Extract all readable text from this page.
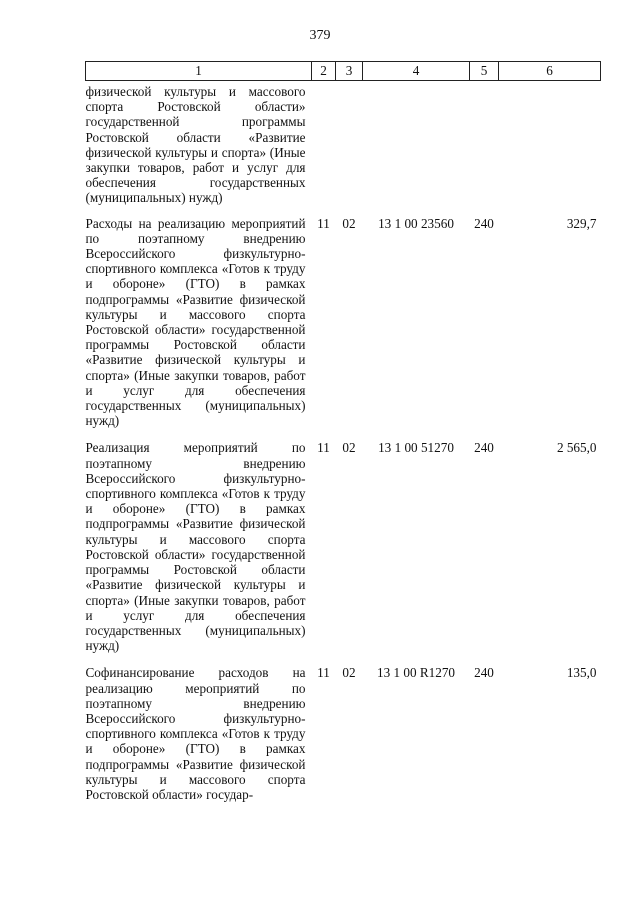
379
1	2	3	4	5	6
физической культуры и массового спорта Ростовской области» государственной программы Ростовской области «Развитие физической культуры и спорта» (Иные закупки товаров, работ и услуг для обеспечения государственных (муниципальных) нужд)					
Расходы на реализацию мероприятий по поэтапному внедрению Всероссийского физкультурно-спортивного комплекса «Готов к труду и обороне» (ГТО) в рамках подпрограммы «Развитие физической культуры и массового спорта Ростовской области» государственной программы Ростовской области «Развитие физической культуры и спорта» (Иные закупки товаров, работ и услуг для обеспечения государственных (муниципальных) нужд)	11	02	13 1 00 23560	240	329,7
Реализация мероприятий по поэтапному внедрению Всероссийского физкультурно-спортивного комплекса «Готов к труду и обороне» (ГТО) в рамках подпрограммы «Развитие физической культуры и массового спорта Ростовской области» государственной программы Ростовской области «Развитие физической культуры и спорта» (Иные закупки товаров, работ и услуг для обеспечения государственных (муниципальных) нужд)	11	02	13 1 00 51270	240	2 565,0
Софинансирование расходов на реализацию мероприятий по поэтапному внедрению Всероссийского физкультурно-спортивного комплекса «Готов к труду и обороне» (ГТО) в рамках подпрограммы «Развитие физической культуры и массового спорта Ростовской области» государ-	11	02	13 1 00 R1270	240	135,0
